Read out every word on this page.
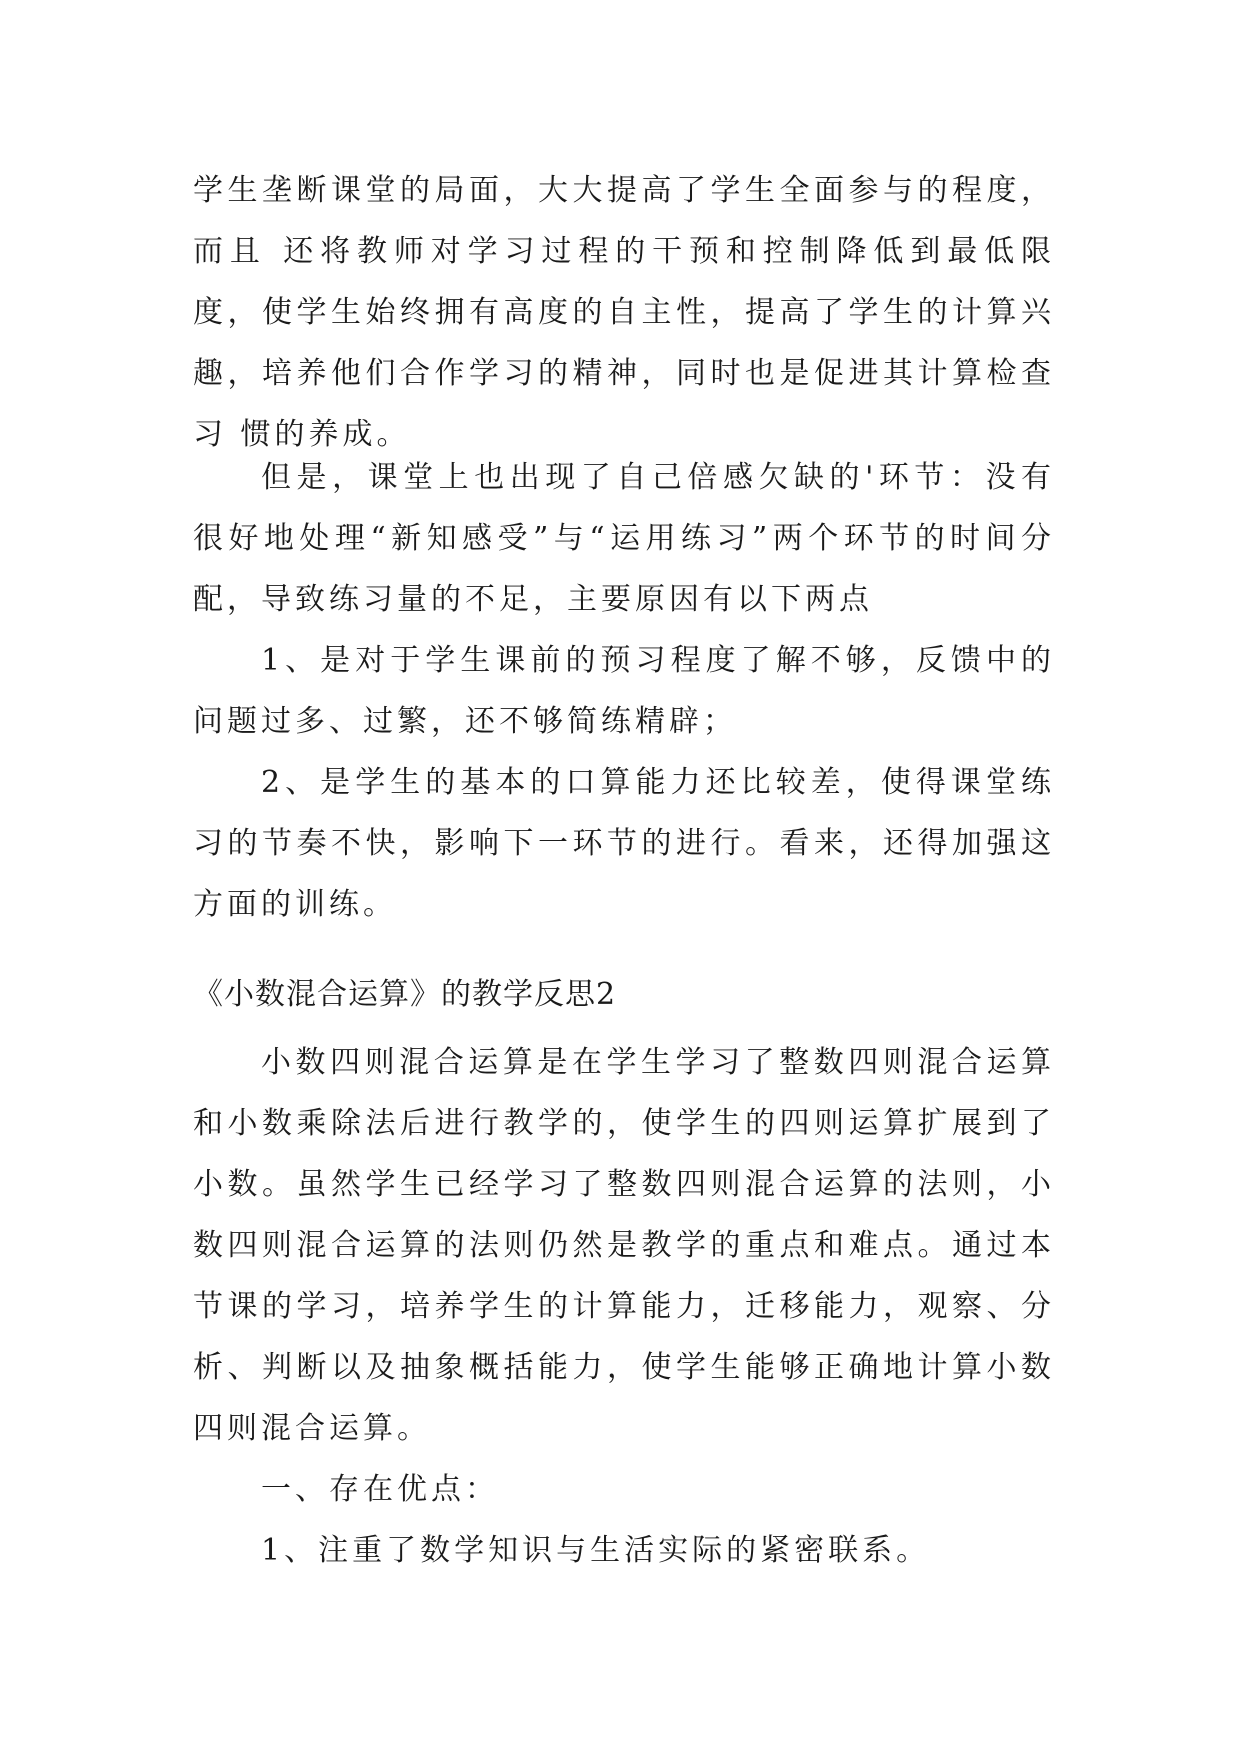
学生垄断课堂的局面，大大提高了学生全面参与的程度，而且 还将教师对学习过程的干预和控制降低到最低限度，使学生始终拥有高度的自主性，提高了学生的计算兴趣，培养他们合作学习的精神，同时也是促进其计算检查习 惯的养成。

但是，课堂上也出现了自己倍感欠缺的'环节：没有很好地处理“新知感受”与“运用练习”两个环节的时间分配，导致练习量的不足，主要原因有以下两点

1、是对于学生课前的预习程度了解不够，反馈中的问题过多、过繁，还不够简练精辟；

2、是学生的基本的口算能力还比较差，使得课堂练习的节奏不快，影响下一环节的进行。看来，还得加强这方面的训练。

《小数混合运算》的教学反思2

小数四则混合运算是在学生学习了整数四则混合运算和小数乘除法后进行教学的，使学生的四则运算扩展到了小数。虽然学生已经学习了整数四则混合运算的法则，小数四则混合运算的法则仍然是教学的重点和难点。通过本节课的学习，培养学生的计算能力，迁移能力，观察、分析、判断以及抽象概括能力，使学生能够正确地计算小数四则混合运算。

一、存在优点：

1、注重了数学知识与生活实际的紧密联系。
